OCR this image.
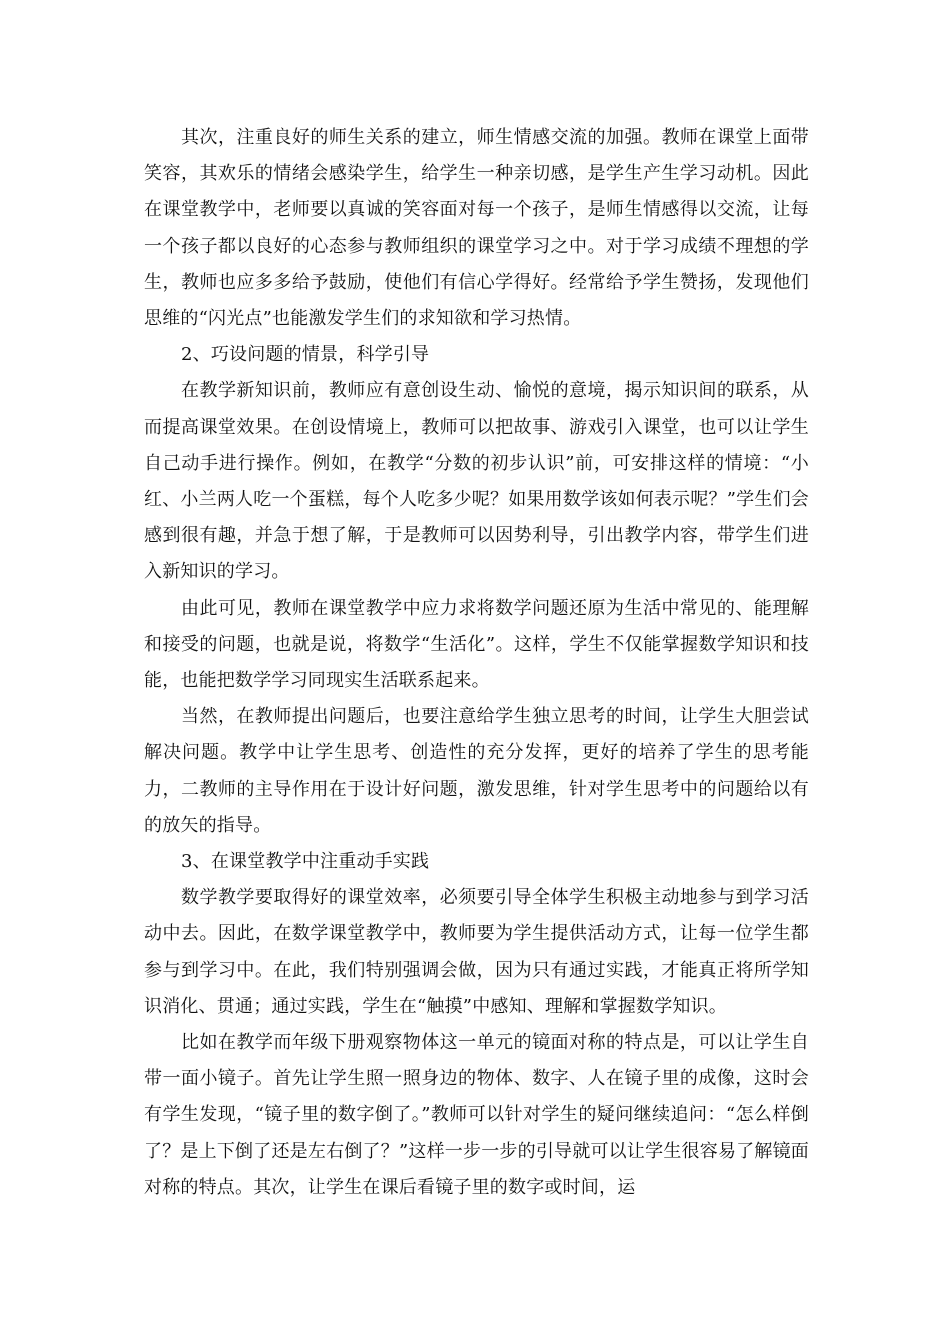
其次，注重良好的师生关系的建立，师生情感交流的加强。教师在课堂上面带笑容，其欢乐的情绪会感染学生，给学生一种亲切感，是学生产生学习动机。因此在课堂教学中，老师要以真诚的笑容面对每一个孩子，是师生情感得以交流，让每一个孩子都以良好的心态参与教师组织的课堂学习之中。对于学习成绩不理想的学生，教师也应多多给予鼓励，使他们有信心学得好。经常给予学生赞扬，发现他们思维的“闪光点”也能激发学生们的求知欲和学习热情。

2、巧设问题的情景，科学引导

在教学新知识前，教师应有意创设生动、愉悦的意境，揭示知识间的联系，从而提高课堂效果。在创设情境上，教师可以把故事、游戏引入课堂，也可以让学生自己动手进行操作。例如，在教学“分数的初步认识”前，可安排这样的情境：“小红、小兰两人吃一个蛋糕，每个人吃多少呢？如果用数学该如何表示呢？”学生们会感到很有趣，并急于想了解，于是教师可以因势利导，引出教学内容，带学生们进入新知识的学习。

由此可见，教师在课堂教学中应力求将数学问题还原为生活中常见的、能理解和接受的问题，也就是说，将数学“生活化”。这样，学生不仅能掌握数学知识和技能，也能把数学学习同现实生活联系起来。

当然，在教师提出问题后，也要注意给学生独立思考的时间，让学生大胆尝试解决问题。教学中让学生思考、创造性的充分发挥，更好的培养了学生的思考能力，二教师的主导作用在于设计好问题，激发思维，针对学生思考中的问题给以有的放矢的指导。

3、在课堂教学中注重动手实践

数学教学要取得好的课堂效率，必须要引导全体学生积极主动地参与到学习活动中去。因此，在数学课堂教学中，教师要为学生提供活动方式，让每一位学生都参与到学习中。在此，我们特别强调会做，因为只有通过实践，才能真正将所学知识消化、贯通；通过实践，学生在“触摸”中感知、理解和掌握数学知识。

比如在教学而年级下册观察物体这一单元的镜面对称的特点是，可以让学生自带一面小镜子。首先让学生照一照身边的物体、数字、人在镜子里的成像，这时会有学生发现，“镜子里的数字倒了。”教师可以针对学生的疑问继续追问：“怎么样倒了？是上下倒了还是左右倒了？”这样一步一步的引导就可以让学生很容易了解镜面对称的特点。其次，让学生在课后看镜子里的数字或时间，运
